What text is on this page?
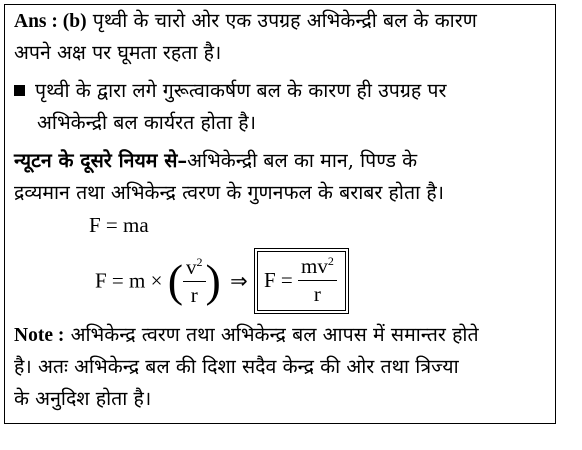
Ans : (b) पृथ्वी के चारो ओर एक उपग्रह अभिकेन्द्री बल के कारण
अपने अक्ष पर घूमता रहता है।
पृथ्वी के द्वारा लगे गुरूत्वाकर्षण बल के कारण ही उपग्रह पर
अभिकेन्द्री बल कार्यरत होता है।
न्यूटन के दूसरे नियम से–अभिकेन्द्री बल का मान, पिण्ड के
द्रव्यमान तथा अभिकेन्द्र त्वरण के गुणनफल के बराबर होता है।
F = ma
F = m × ( $\frac{v^2}{r}$ ) ⇒ $F = \frac{mv^2}{r}$
Note : अभिकेन्द्र त्वरण तथा अभिकेन्द्र बल आपस में समान्तर होते
है। अतः अभिकेन्द्र बल की दिशा सदैव केन्द्र की ओर तथा त्रिज्या
के अनुदिश होता है।
